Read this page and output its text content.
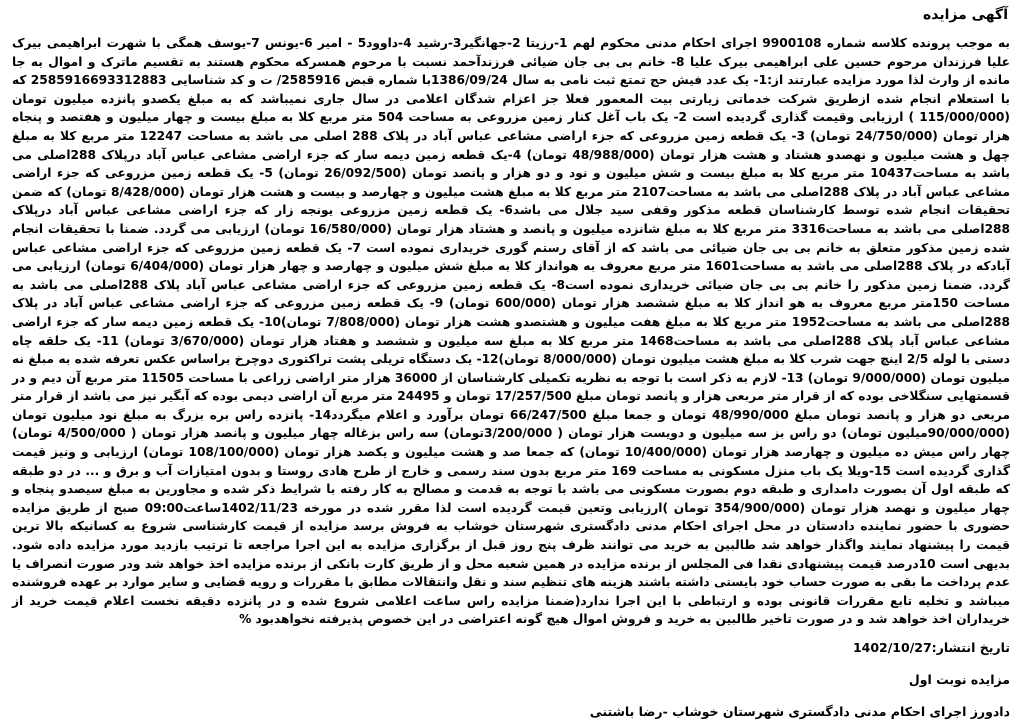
آگهی مزایده

به موجب پرونده کلاسه شماره 9900108 اجرای احکام مدنی محکوم لهم 1-رزیتا 2-جهانگیر3-رشید 4-داوود5 - امیر 6-یونس 7-یوسف همگی با شهرت ابراهیمی بیرک علیا فرزندان مرحوم حسین علی ابراهیمی بیرک علیا 8- خانم بی بی جان ضیائی فرزندآحمد نسبت با مرحوم همسرکه محکوم هستند به تقسیم ماترک و اموال به جا مانده از وارث لذا مورد مزایده عبارتند از:1- یک عدد فیش حج تمتع ثبت نامی به سال 1386/09/24با شماره قبض 2585916/ ت و کد شناسایی 2585916693312883 که با استعلام انجام شده ازطریق شرکت خدماتی زیارتی بیت المعمور فعلا جز اعزام شدگان اعلامی در سال جاری نمیباشد که به مبلغ یکصدو پانزده میلیون تومان (115/000/000 ) ارزیابی وقیمت گذاری گردیده است 2- یک باب آغل کنار زمین مزروعی به مساحت 504 متر مربع کلا به مبلغ بیست و چهار میلیون و هفتصد و پنجاه هزار تومان (24/750/000 تومان) 3- یک قطعه زمین مزروعی که جزء اراضی مشاعی عباس آباد در پلاک 288 اصلی می باشد به مساحت 12247 متر مربع کلا به مبلغ چهل و هشت میلیون و نهصدو هشتاد و هشت هزار تومان (48/988/000 تومان) 4-یک قطعه زمین دیمه سار که جزء اراضی مشاعی عباس آباد درپلاک 288اصلی می باشد به مساحت10437 متر مربع کلا به مبلغ بیست و شش میلیون و نود و دو هزار و پانصد تومان (26/092/500 تومان) 5- یک قطعه زمین مزروعی که جزء اراضی مشاعی عباس آباد در پلاک 288اصلی می باشد به مساحت2107 متر مربع کلا به مبلغ هشت میلیون و چهارصد و بیست و هشت هزار تومان (8/428/000 تومان) که ضمن تحقیقات انجام شده توسط کارشناسان قطعه مذکور وقفی سید جلال می باشد6- یک قطعه زمین مزروعی یونجه زار که جزء اراضی مشاعی عباس آباد درپلاک 288اصلی می باشد به مساحت3316 متر مربع کلا به مبلغ شانزده میلیون و پانصد و هشتاد هزار تومان (16/580/000 تومان) ارزیابی می گردد. ضمنا با تحقیقات انجام شده زمین مذکور متعلق به خانم بی بی جان ضیائی می باشد که از آقای رستم گوری خریداری نموده است 7- یک قطعه زمین مزروعی که جزء اراضی مشاعی عباس آبادکه در پلاک 288اصلی می باشد به مساحت1601 متر مربع معروف به هوانداز کلا به مبلغ شش میلیون و چهارصد و چهار هزار تومان (6/404/000 تومان) ارزیابی می گردد. ضمنا زمین مذکور را خانم بی بی جان ضیائی خریداری نموده است8- یک قطعه زمین مزروعی که جزء اراضی مشاعی عباس آباد پلاک 288اصلی می باشد به مساحت 150متر مربع معروف به هو انداز کلا به مبلغ ششصد هزار تومان (600/000 تومان) 9- یک قطعه زمین مزروعی که جزء اراضی مشاعی عباس آباد در پلاک 288اصلی می باشد به مساحت1952 متر مربع کلا به مبلغ هفت میلیون و هشتصدو هشت هزار تومان (7/808/000 تومان)10- یک قطعه زمین دیمه سار که جزء اراضی مشاعی عباس آباد پلاک 288اصلی می باشد به مساحت1468 متر مربع کلا به مبلغ سه میلیون و ششصد و هفتاد هزار تومان (3/670/000 تومان) 11- یک حلقه چاه دستی با لوله 2/5 اینچ جهت شرب کلا به مبلغ هشت میلیون تومان (8/000/000 تومان)12- یک دستگاه تریلی پشت تراکتوری دوچرخ براساس عکس تعرفه شده به مبلغ نه میلیون تومان (9/000/000 تومان) 13- لازم به ذکر است با توجه به نظریه تکمیلی کارشناسان از 36000 هزار متر اراضی زراعی با مساحت 11505 متر مربع آن دیم و در قسمتهایی سنگلاخی بوده که از قرار متر مربعی هزار و پانصد تومان مبلغ 17/257/500 تومان و 24495 متر مربع آن اراضی دیمی بوده که آبگیر نیز می باشد از قرار متر مربعی دو هزار و پانصد تومان مبلغ 48/990/000 تومان و جمعا مبلغ 66/247/500 تومان برآورد و اعلام میگردد14- پانزده راس بره بزرگ به مبلغ نود میلیون تومان (90/000/000میلیون تومان) دو راس بز سه میلیون و دویست هزار تومان ( 3/200/000تومان) سه راس بزغاله چهار میلیون و پانصد هزار تومان ( 4/500/000 تومان) چهار راس میش ده میلیون و چهارصد هزار تومان (10/400/000 تومان) که جمعا صد و هشت میلیون و یکصد هزار تومان (108/100/000 تومان) ارزیابی و ونیز قیمت گذاری گردیده است 15-ویلا یک باب منزل مسکونی به مساحت 169 متر مربع بدون سند رسمی و خارج از طرح هادی روستا و بدون امتیازات آب و برق و ... در دو طبقه که طبقه اول آن بصورت دامداری و طبقه دوم بصورت مسکونی می باشد با توجه به قدمت و مصالح به کار رفته با شرایط ذکر شده و مجاورین به مبلغ سیصدو پنجاه و چهار میلیون و نهصد هزار تومان (354/900/000 تومان )ارزیابی وتعین قیمت گردیده است لذا مقرر شده در مورخه 1402/11/23ساعت09:00 صبح از طریق مزایده حضوری با حضور نماینده دادستان در محل اجرای احکام مدنی دادگستری شهرستان خوشاب به فروش برسد مزایده از قیمت کارشناسی شروع به کسانیکه بالا ترین قیمت را پیشنهاد نمایند واگذار خواهد شد طالبین به خرید می توانند ظرف پنج روز قبل از برگزاری مزایده به این اجرا مراجعه تا ترتیب بازدید مورد مزایده داده شود. بدیهی است 10درصد قیمت پیشنهادی نقدا فی المجلس از برنده مزایده در همین شعبه محل و از طریق کارت بانکی از برنده مزایده اخذ خواهد شد ودر صورت انصراف یا عدم پرداخت ما بقی به صورت حساب خود بایستی داشته باشند هزینه های تنظیم سند و نقل وانتقالات مطابق با مقررات و رویه قضایی و سایر موارد بر عهده فروشنده میباشد و تخلیه تابع مقررات قانونی بوده و ارتباطی با این اجرا ندارد(ضمنا مزایده راس ساعت اعلامی شروع شده و در پانزده دقیقه نخست اعلام قیمت خرید از خریداران اخذ خواهد شد و در صورت تاخیر طالبین به خرید و فروش اموال هیچ گونه اعتراضی در این خصوص پذیرفته نخواهدبود %

تاریخ انتشار:1402/10/27
مزایده نوبت اول
دادورز اجرای احکام مدنی دادگستری شهرستان خوشاب -رضا باشتنی
